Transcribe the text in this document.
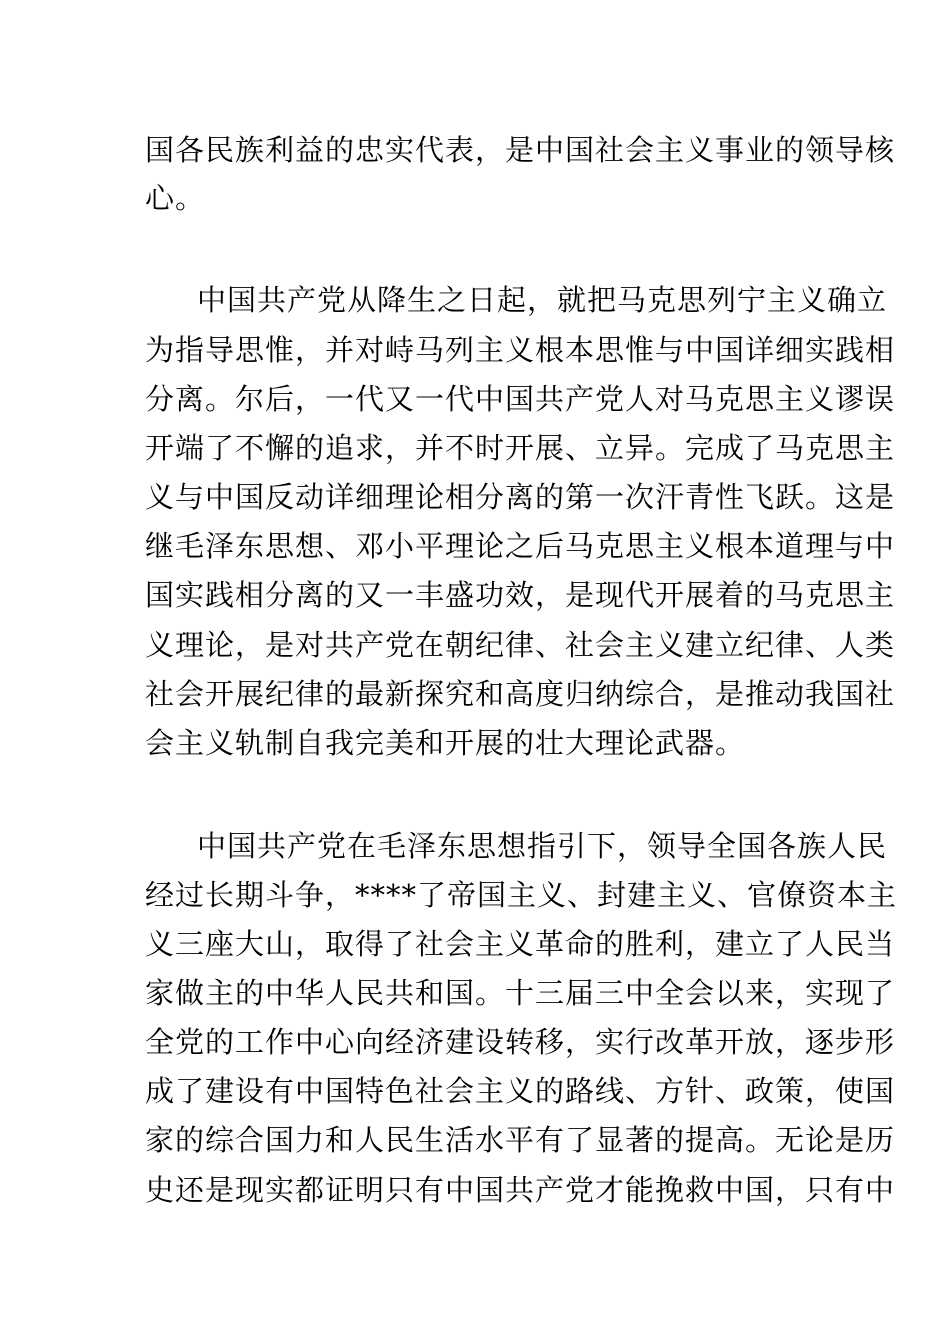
国各民族利益的忠实代表，是中国社会主义事业的领导核
心。
中国共产党从降生之日起，就把马克思列宁主义确立
为指导思惟，并对峙马列主义根本思惟与中国详细实践相
分离。尔后，一代又一代中国共产党人对马克思主义谬误
开端了不懈的追求，并不时开展、立异。完成了马克思主
义与中国反动详细理论相分离的第一次汗青性飞跃。这是
继毛泽东思想、邓小平理论之后马克思主义根本道理与中
国实践相分离的又一丰盛功效，是现代开展着的马克思主
义理论，是对共产党在朝纪律、社会主义建立纪律、人类
社会开展纪律的最新探究和高度归纳综合，是推动我国社
会主义轨制自我完美和开展的壮大理论武器。
中国共产党在毛泽东思想指引下，领导全国各族人民
经过长期斗争，****了帝国主义、封建主义、官僚资本主
义三座大山，取得了社会主义革命的胜利，建立了人民当
家做主的中华人民共和国。十三届三中全会以来，实现了
全党的工作中心向经济建设转移，实行改革开放，逐步形
成了建设有中国特色社会主义的路线、方针、政策，使国
家的综合国力和人民生活水平有了显著的提高。无论是历
史还是现实都证明只有中国共产党才能挽救中国，只有中
